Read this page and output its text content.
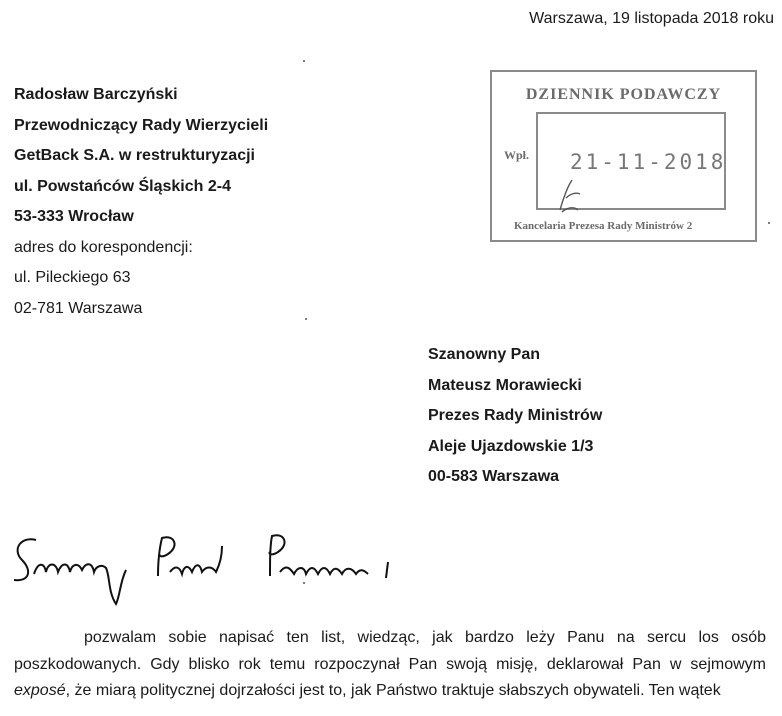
Warszawa, 19 listopada 2018 roku
Radosław Barczyński
Przewodniczący Rady Wierzycieli
GetBack S.A. w restrukturyzacji
ul. Powstańców Śląskich 2-4
53-333 Wrocław
adres do korespondencji:
ul. Pileckiego 63
02-781 Warszawa
DZIENNIK PODAWCZY
Wpł. 21-11-2018
Kancelaria Prezesa Rady Ministrów 2
Szanowny Pan
Mateusz Morawiecki
Prezes Rady Ministrów
Aleje Ujazdowskie 1/3
00-583 Warszawa
pozwalam sobie napisać ten list, wiedząc, jak bardzo leży Panu na sercu los osób poszkodowanych. Gdy blisko rok temu rozpoczynał Pan swoją misję, deklarował Pan w sejmowym exposé, że miarą politycznej dojrzałości jest to, jak Państwo traktuje słabszych obywateli. Ten wątek
